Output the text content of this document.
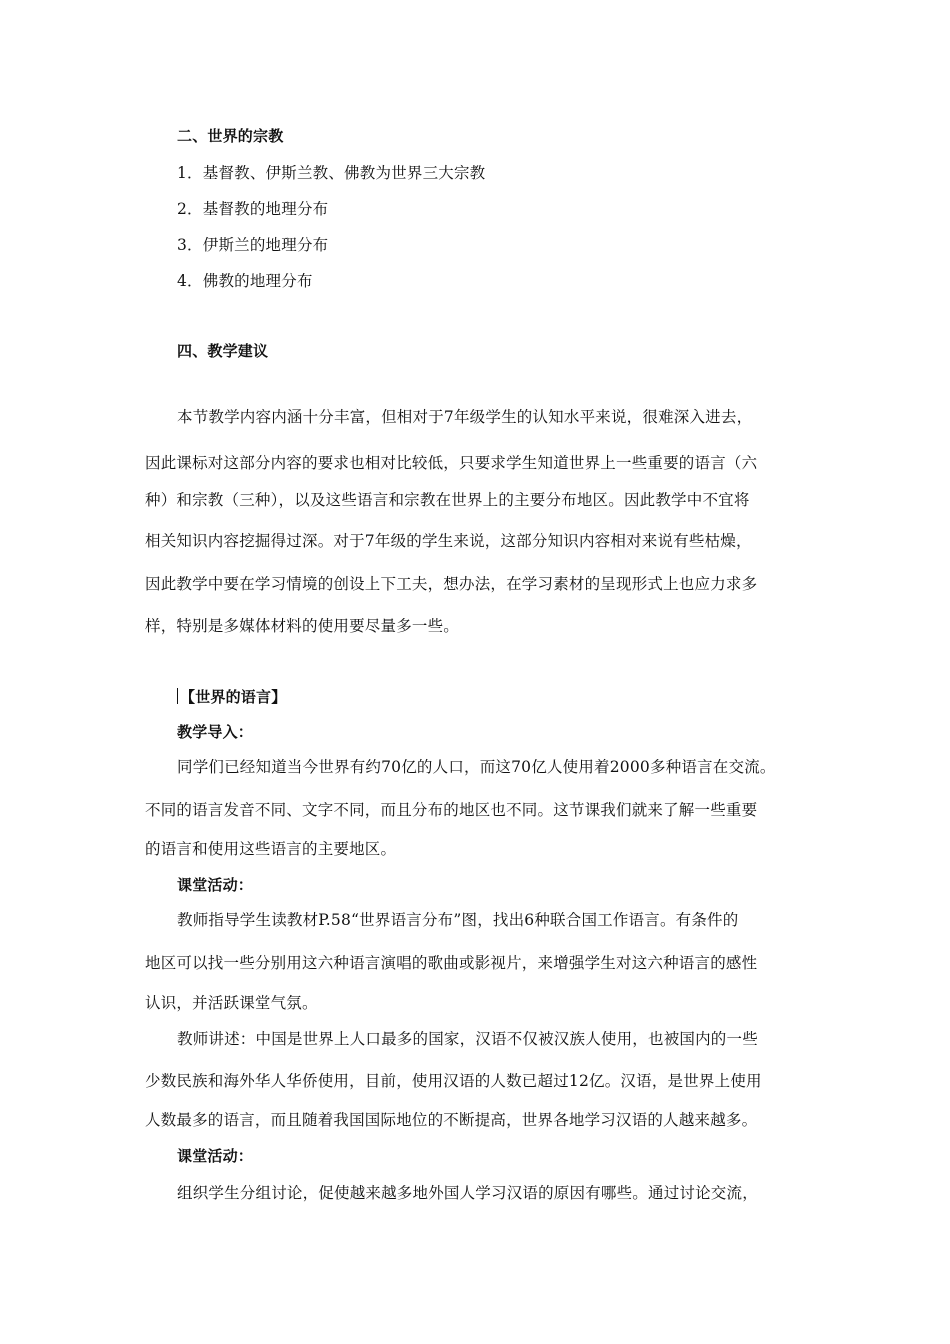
二、世界的宗教
1．基督教、伊斯兰教、佛教为世界三大宗教
2．基督教的地理分布
3．伊斯兰的地理分布
4．佛教的地理分布
四、教学建议
本节教学内容内涵十分丰富，但相对于7年级学生的认知水平来说，很难深入进去，
因此课标对这部分内容的要求也相对比较低，只要求学生知道世界上一些重要的语言（六
种）和宗教（三种），以及这些语言和宗教在世界上的主要分布地区。因此教学中不宜将
相关知识内容挖掘得过深。对于7年级的学生来说，这部分知识内容相对来说有些枯燥，
因此教学中要在学习情境的创设上下工夫，想办法，在学习素材的呈现形式上也应力求多
样，特别是多媒体材料的使用要尽量多一些。
【世界的语言】
教学导入：
同学们已经知道当今世界有约70亿的人口，而这70亿人使用着2000多种语言在交流。
不同的语言发音不同、文字不同，而且分布的地区也不同。这节课我们就来了解一些重要
的语言和使用这些语言的主要地区。
课堂活动：
教师指导学生读教材P.58“世界语言分布”图，找出6种联合国工作语言。有条件的
地区可以找一些分别用这六种语言演唱的歌曲或影视片，来增强学生对这六种语言的感性
认识，并活跃课堂气氛。
教师讲述：中国是世界上人口最多的国家，汉语不仅被汉族人使用，也被国内的一些
少数民族和海外华人华侨使用，目前，使用汉语的人数已超过12亿。汉语，是世界上使用
人数最多的语言，而且随着我国国际地位的不断提高，世界各地学习汉语的人越来越多。
课堂活动：
组织学生分组讨论，促使越来越多地外国人学习汉语的原因有哪些。通过讨论交流，
